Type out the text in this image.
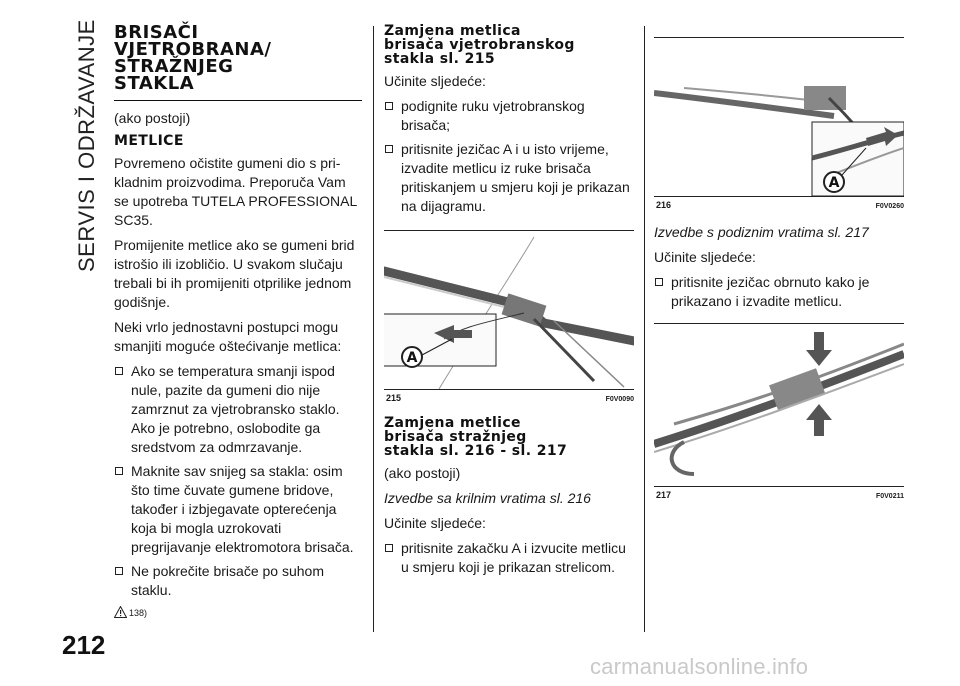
SERVIS I ODRŽAVANJE BRISAČI
VJETROBRANA/
STRAŽNJEG
STAKLA

(ako postoji)

METLICE

Povremeno očistite gumeni dio s pri-kladnim proizvodima. Preporuča Vam se upotreba TUTELA PROFESSIONAL SC35.

Promijenite metlice ako se gumeni brid istrošio ili izobličio. U svakom slučaju trebali bi ih promijeniti otprilike jednom godišnje.

Neki vrlo jednostavni postupci mogu smanjiti moguće oštećivanje metlica:

Ako se temperatura smanji ispod nule, pazite da gumeni dio nije zamrznut za vjetrobransko staklo. Ako je potrebno, oslobodite ga sredstvom za odmrzavanje.
Maknite sav snijeg sa stakla: osim što time čuvate gumene bridove, također i izbjegavate opterećenja koja bi mogla uzrokovati pregrijavanje elektromotora brisača.
Ne pokrečite brisače po suhom staklu.
138)
Zamjena metlica
brisača vjetrobranskog
stakla sl. 215

Učinite sljedeće:

podignite ruku vjetrobranskog brisača;
pritisnite jezičac A i u isto vrijeme, izvadite metlicu iz ruke brisača pritiskanjem u smjeru koji je prikazan na dijagramu.
A
215	F0V0090
Zamjena metlice
brisača stražnjeg
stakla sl. 216 - sl. 217

(ako postoji)

Izvedbe sa krilnim vratima sl. 216

Učinite sljedeće:

pritisnite zakačku A i izvucite metlicu u smjeru koji je prikazan strelicom.
A
216	F0V0260

Izvedbe s podiznim vratima sl. 217

Učinite sljedeće:

pritisnite jezičac obrnuto kako je prikazano i izvadite metlicu.
217	F0V0211
212
carmanualsonline.info
